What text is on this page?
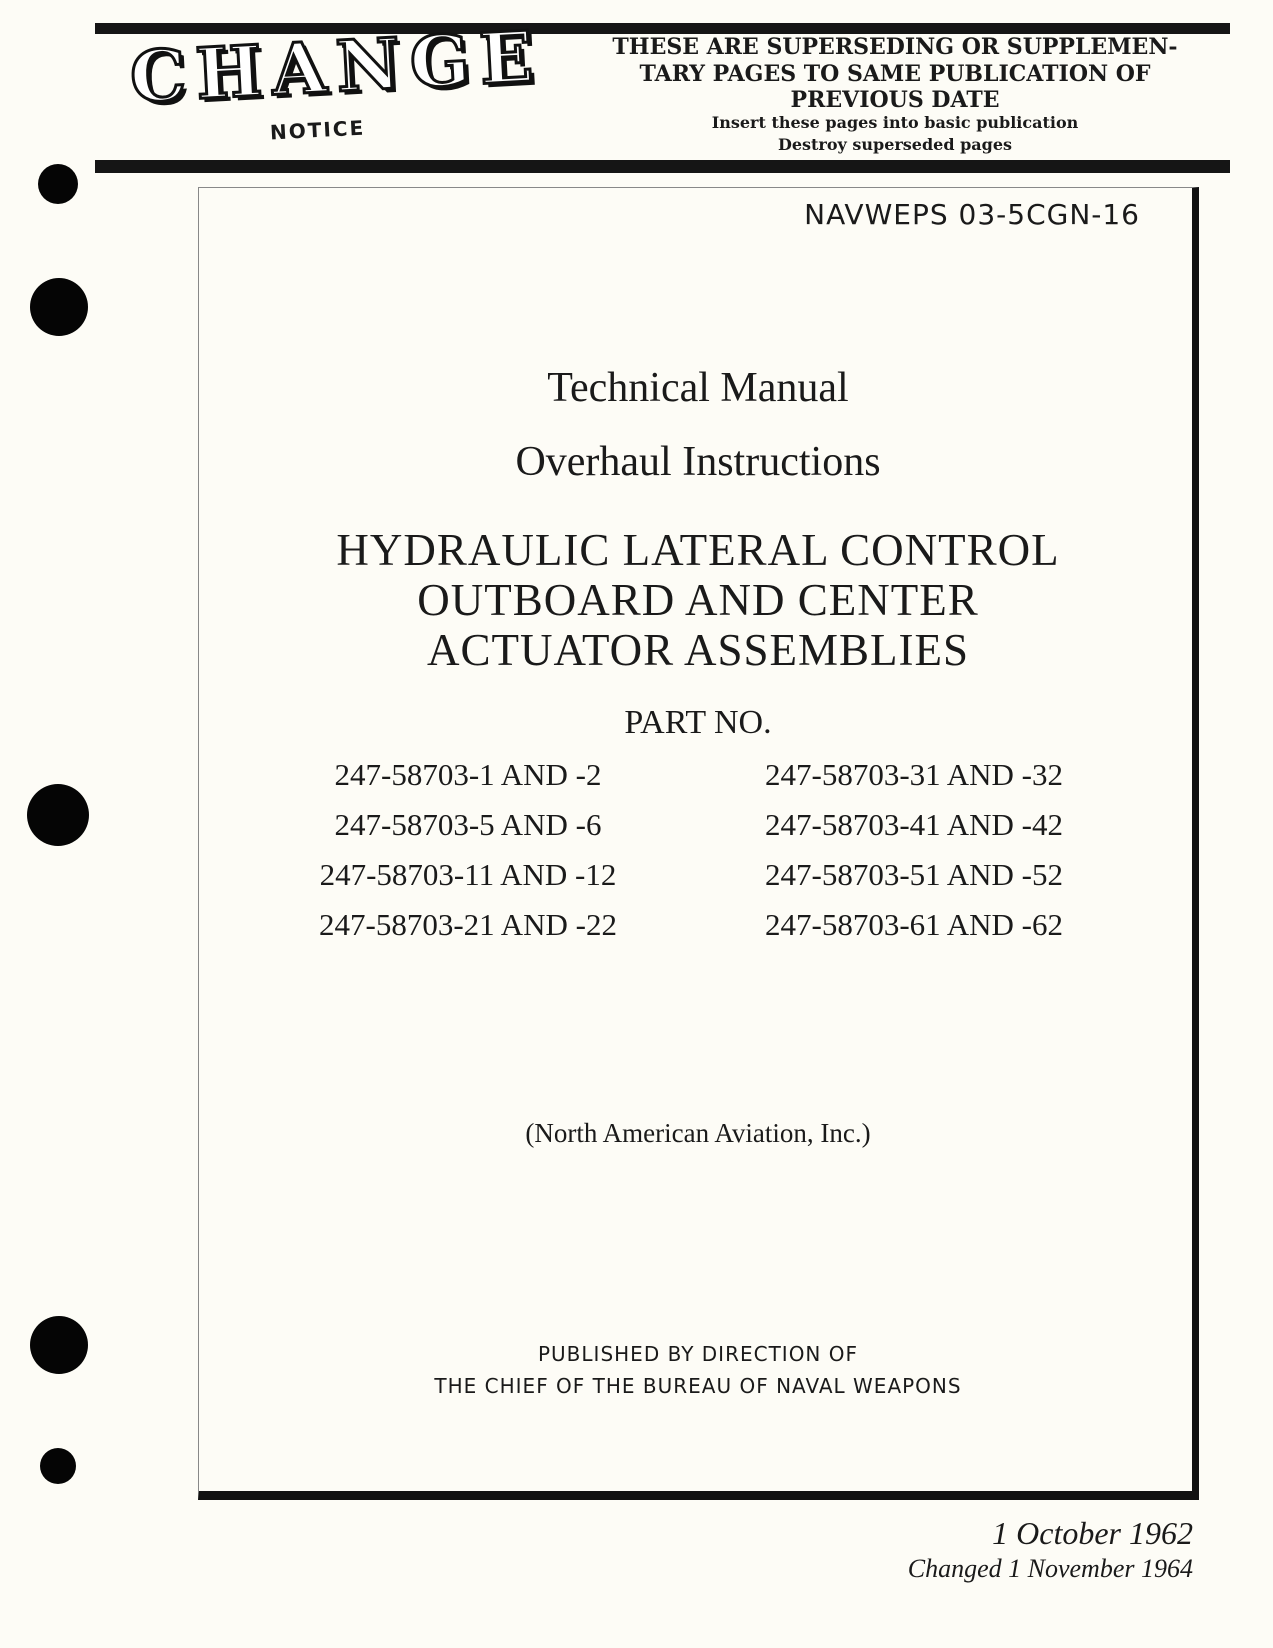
CHANGE
NOTICE
THESE ARE SUPERSEDING OR SUPPLEMEN-
TARY PAGES TO SAME PUBLICATION OF
PREVIOUS DATE
Insert these pages into basic publication
Destroy superseded pages
NAVWEPS 03-5CGN-16
Technical Manual
Overhaul Instructions
HYDRAULIC LATERAL CONTROL
OUTBOARD AND CENTER
ACTUATOR ASSEMBLIES
PART NO.
247-58703-1 AND -2
247-58703-5 AND -6
247-58703-11 AND -12
247-58703-21 AND -22
247-58703-31 AND -32
247-58703-41 AND -42
247-58703-51 AND -52
247-58703-61 AND -62
(North American Aviation, Inc.)
PUBLISHED BY DIRECTION OF
THE CHIEF OF THE BUREAU OF NAVAL WEAPONS
1 October 1962
Changed 1 November 1964
